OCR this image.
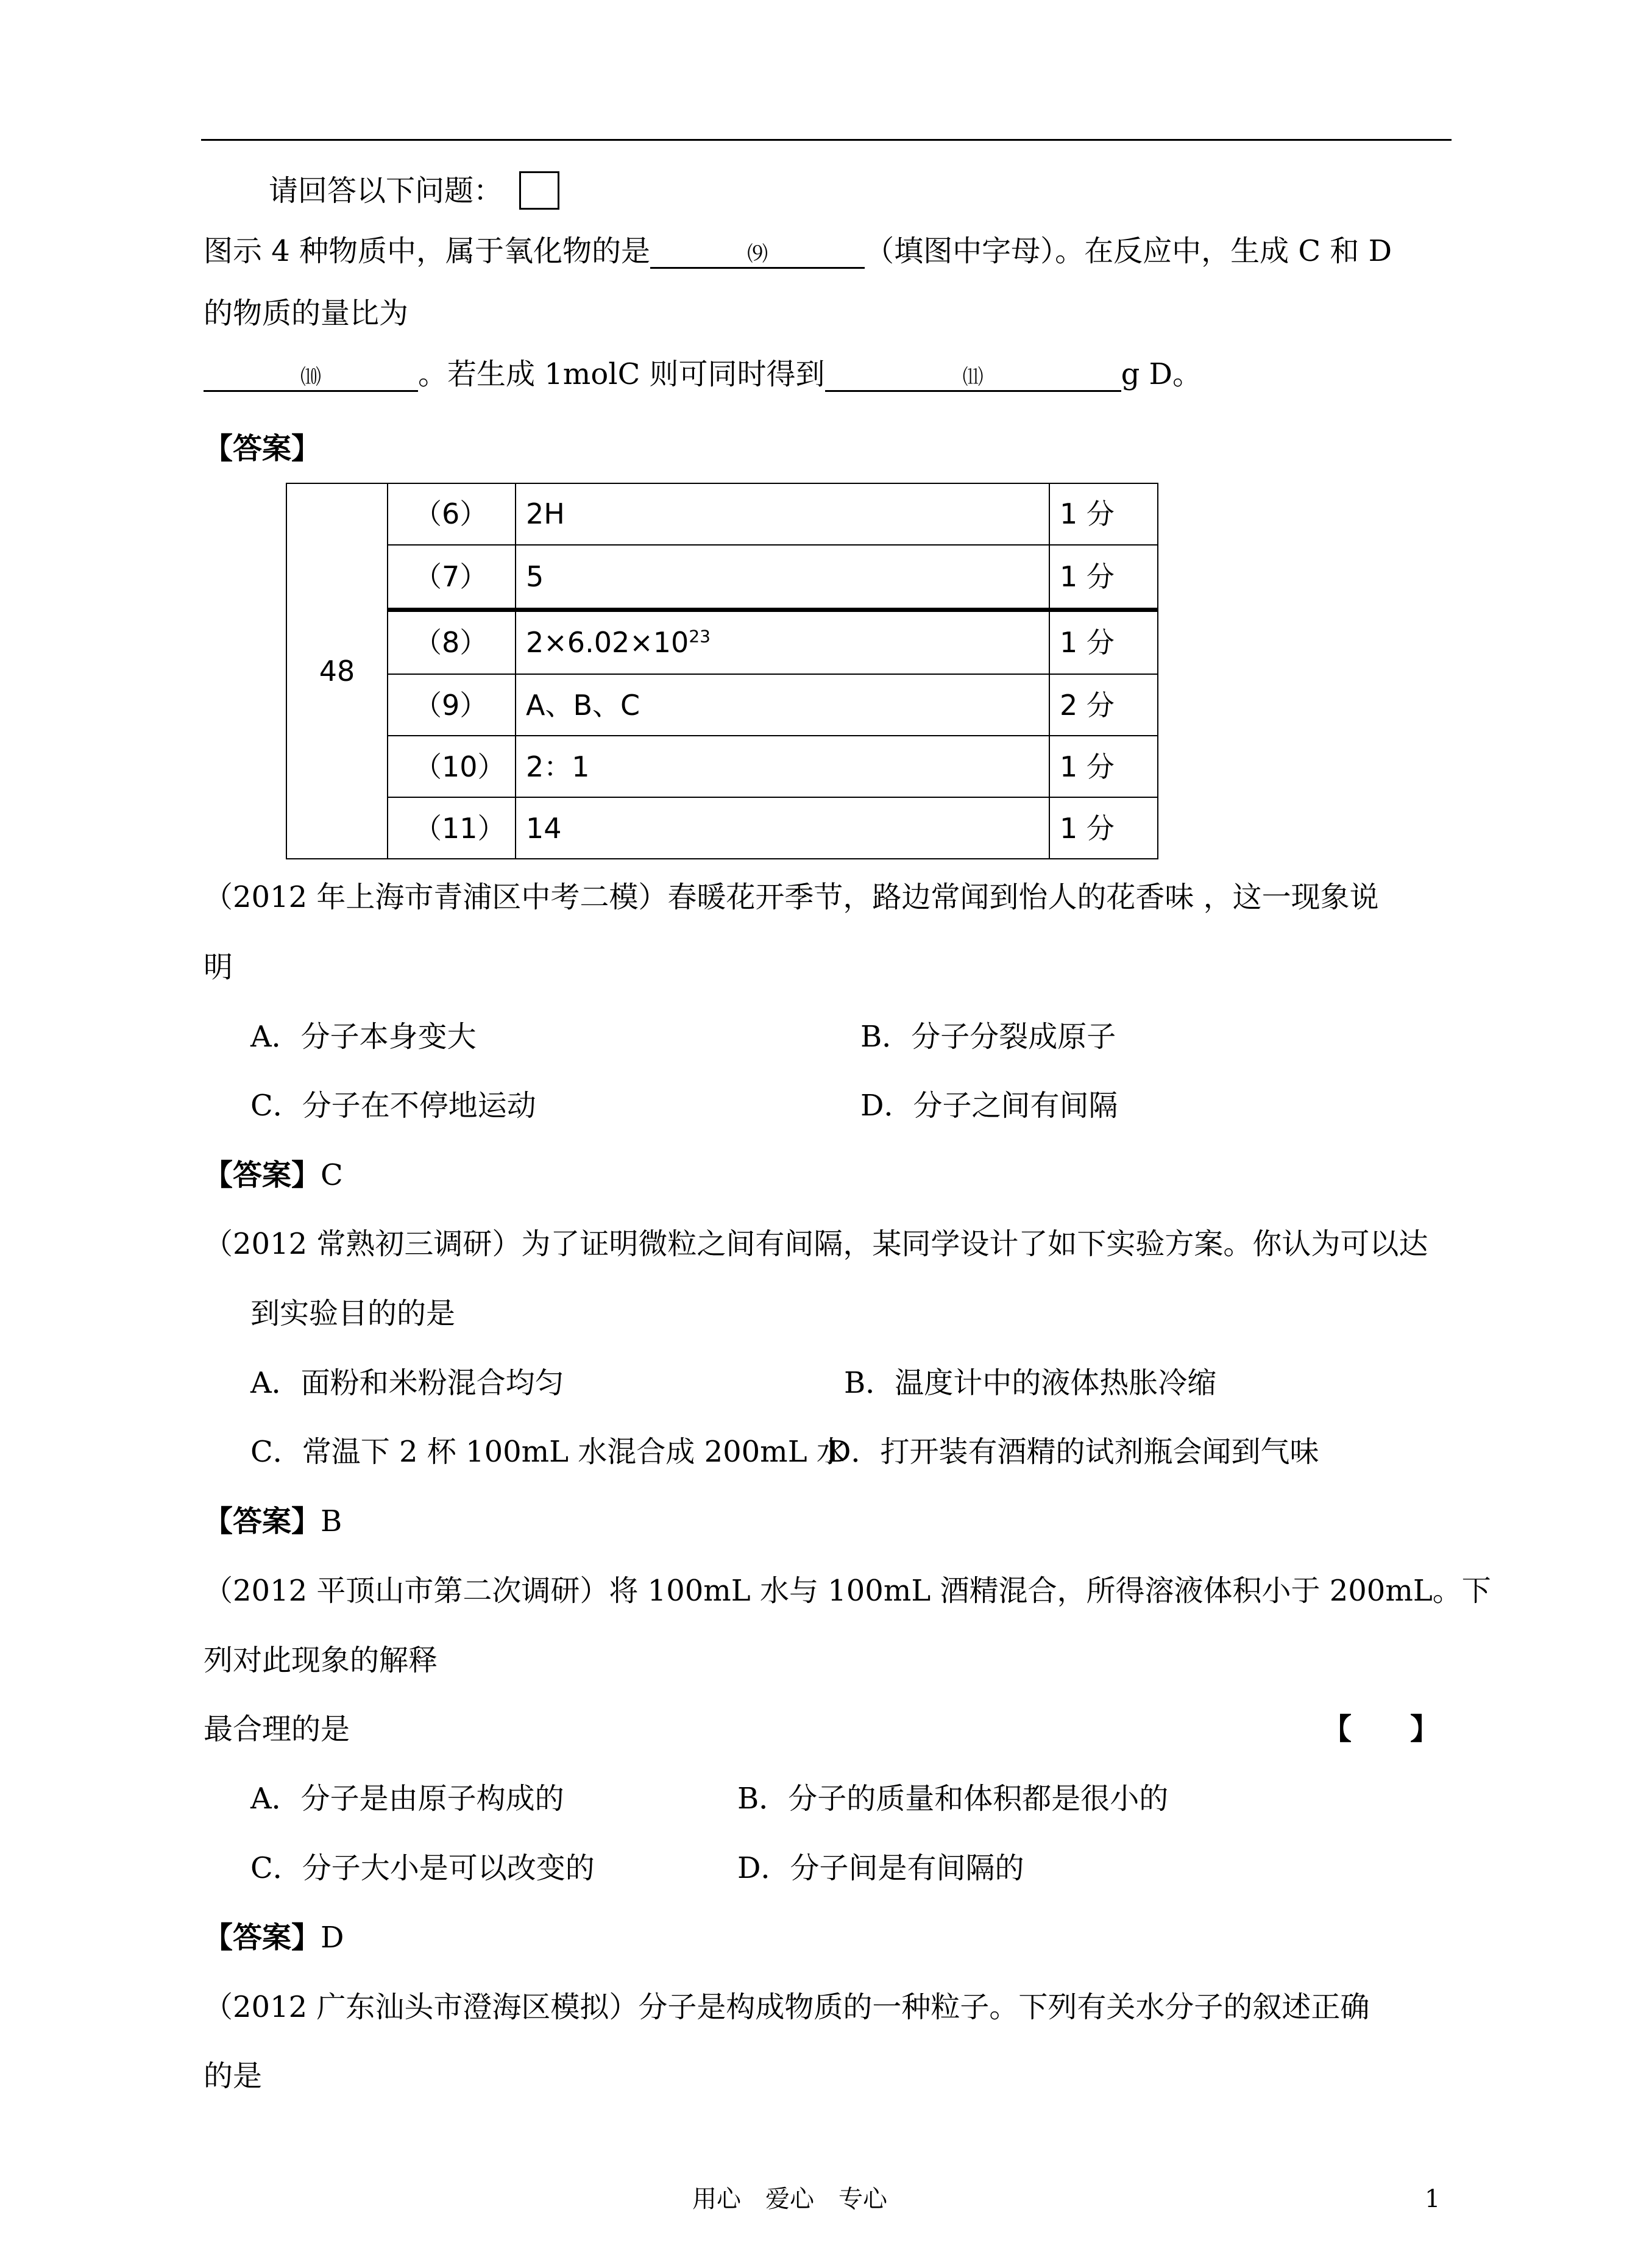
请回答以下问题：
图示 4 种物质中，属于氧化物的是	⑼	（填图中字母）。在反应中，生成 C 和 D
的物质的量比为
⑽	。若生成 1molC 则可同时得到	⑾	g D。
【答案】
48	（6）	2H	1 分
	（7）	5	1 分
	（8）	$2\times 6.02\times 10^{23}$	1 分
	（9）	A、B、C	2 分
	（10）	2：1	1 分
	（11）	14	1 分
（2012 年上海市青浦区中考二模）春暖花开季节，路边常闻到怡人的花香味 ，这一现象说
明
A．分子本身变大	B．分子分裂成原子
C．分子在不停地运动	D．分子之间有间隔
【答案】C
（2012 常熟初三调研）为了证明微粒之间有间隔，某同学设计了如下实验方案。你认为可以达
到实验目的的是
A．面粉和米粉混合均匀	B．温度计中的液体热胀冷缩
C．常温下 2 杯 100mL 水混合成 200mL 水
D．打开装有酒精的试剂瓶会闻到气味
【答案】B
（2012 平顶山市第二次调研）将 100mL 水与 100mL 酒精混合，所得溶液体积小于 200mL。下
列对此现象的解释
最合理的是	【　　】
A．分子是由原子构成的	B．分子的质量和体积都是很小的
C．分子大小是可以改变的	D．分子间是有间隔的
【答案】D
（2012 广东汕头市澄海区模拟）分子是构成物质的一种粒子。下列有关水分子的叙述正确
的是
用心　爱心　专心	1
